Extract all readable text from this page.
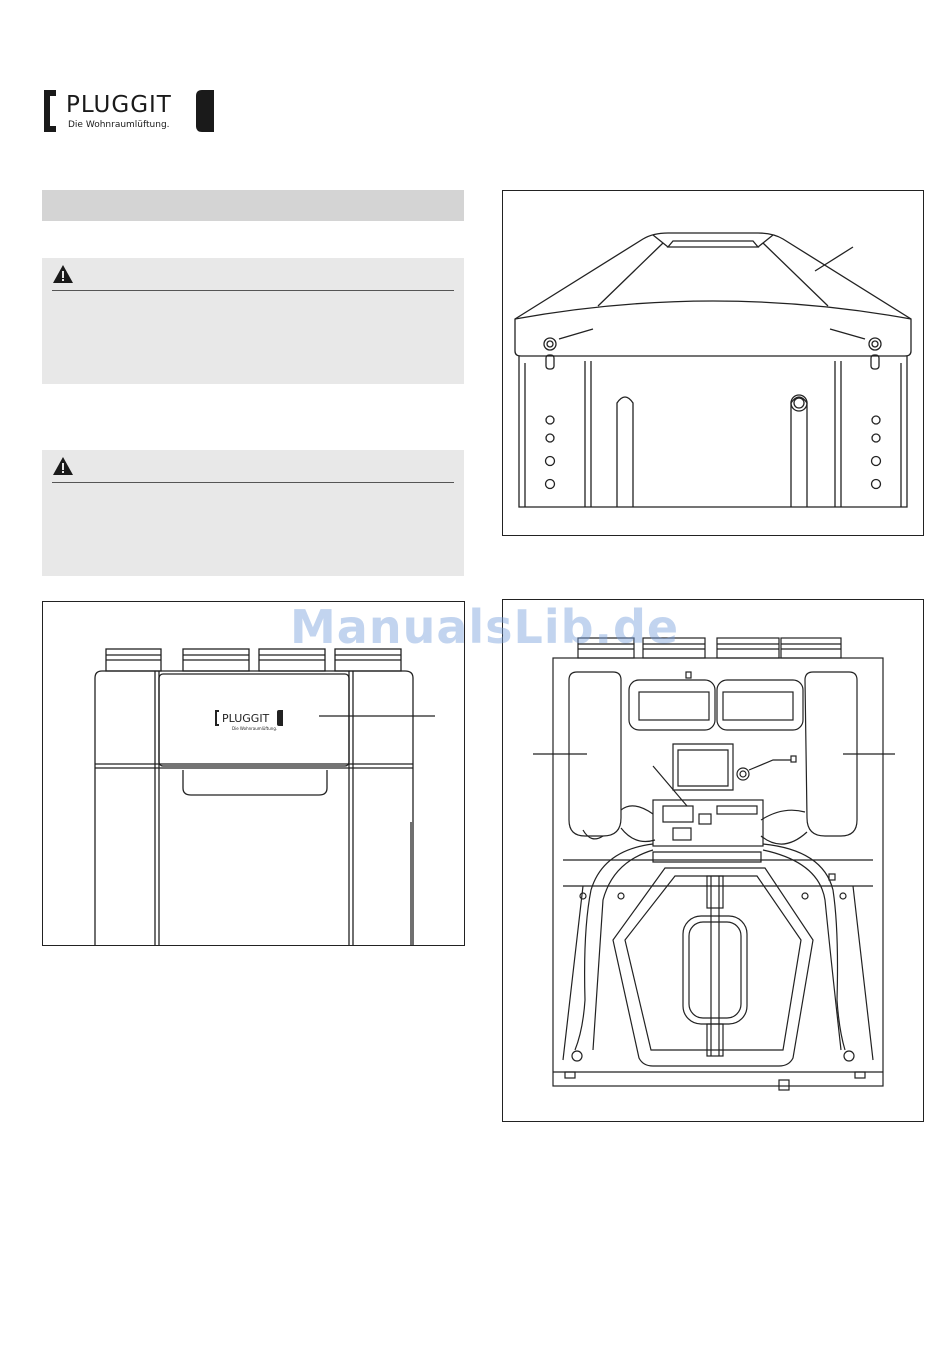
PLUGGIT
Die Wohnraumlüftung.
PLUGGIT
Die Wohnraumlüftung.
ManualsLib.de
